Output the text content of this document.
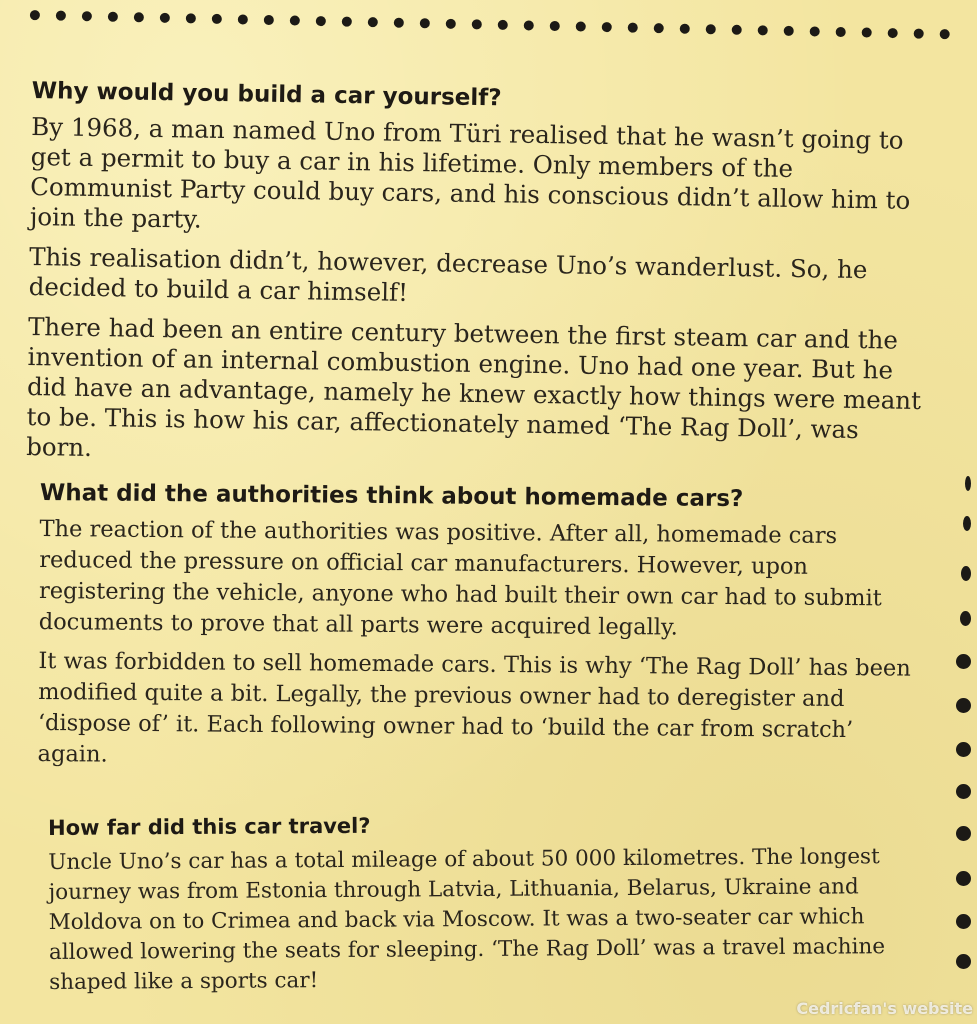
Why would you build a car yourself?

By 1968, a man named Uno from Türi realised that he wasn’t going to get a permit to buy a car in his lifetime. Only members of the Communist Party could buy cars, and his conscious didn’t allow him to join the party.

This realisation didn’t, however, decrease Uno’s wanderlust. So, he decided to build a car himself!

There had been an entire century between the first steam car and the invention of an internal combustion engine. Uno had one year. But he did have an advantage, namely he knew exactly how things were meant to be. This is how his car, affectionately named ‘The Rag Doll’, was born.

What did the authorities think about homemade cars?

The reaction of the authorities was positive. After all, homemade cars reduced the pressure on official car manufacturers. However, upon registering the vehicle, anyone who had built their own car had to submit documents to prove that all parts were acquired legally.

It was forbidden to sell homemade cars. This is why ‘The Rag Doll’ has been modified quite a bit. Legally, the previous owner had to deregister and ‘dispose of’ it. Each following owner had to ‘build the car from scratch’ again.

How far did this car travel?

Uncle Uno’s car has a total mileage of about 50 000 kilometres. The longest journey was from Estonia through Latvia, Lithuania, Belarus, Ukraine and Moldova on to Crimea and back via Moscow. It was a two-seater car which allowed lowering the seats for sleeping. ‘The Rag Doll’ was a travel machine shaped like a sports car!

Cedricfan's website
